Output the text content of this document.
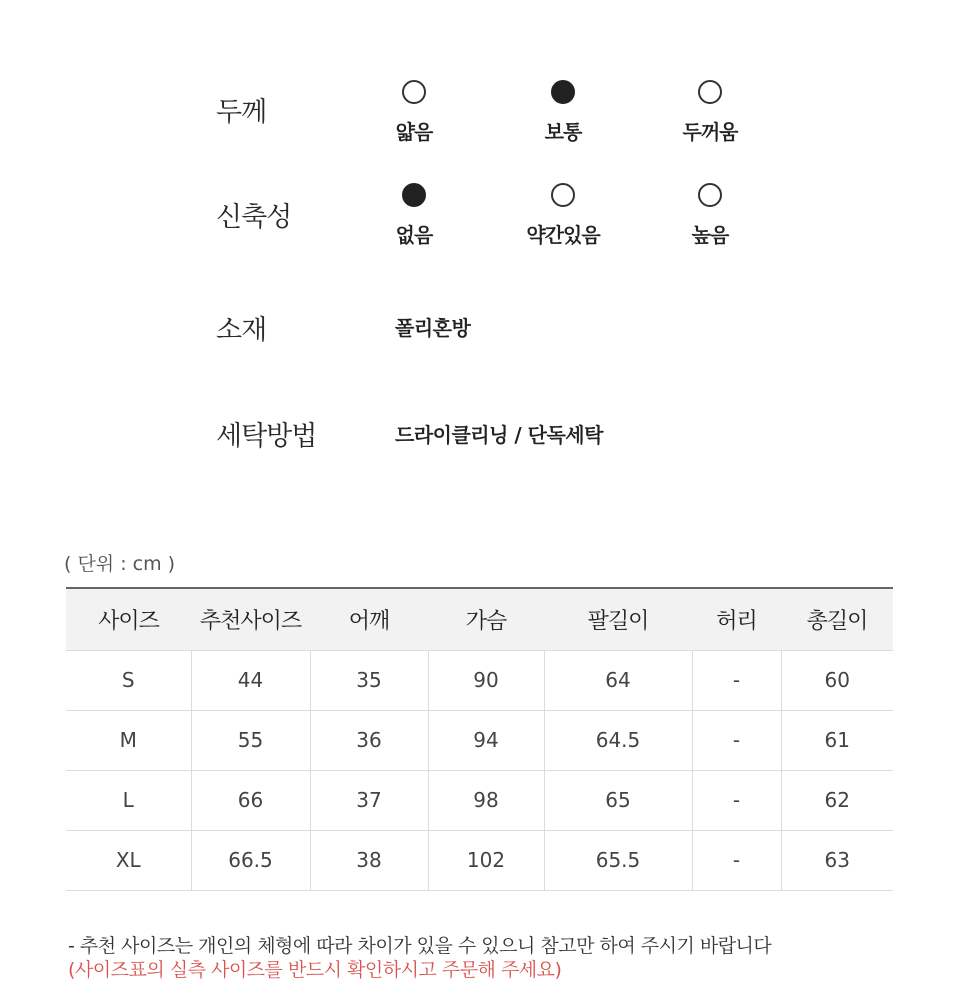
두께
얇음	보통	두꺼움
신축성
없음	약간있음	높음
소재	폴리혼방
세탁방법	드라이클리닝 / 단독세탁
( 단위 : cm )
사이즈	추천사이즈	어깨	가슴	팔길이	허리	총길이
S	44	35	90	64	-	60
M	55	36	94	64.5	-	61
L	66	37	98	65	-	62
XL	66.5	38	102	65.5	-	63
- 추천 사이즈는 개인의 체형에 따라 차이가 있을 수 있으니 참고만 하여 주시기 바랍니다
(사이즈표의 실측 사이즈를 반드시 확인하시고 주문해 주세요)
